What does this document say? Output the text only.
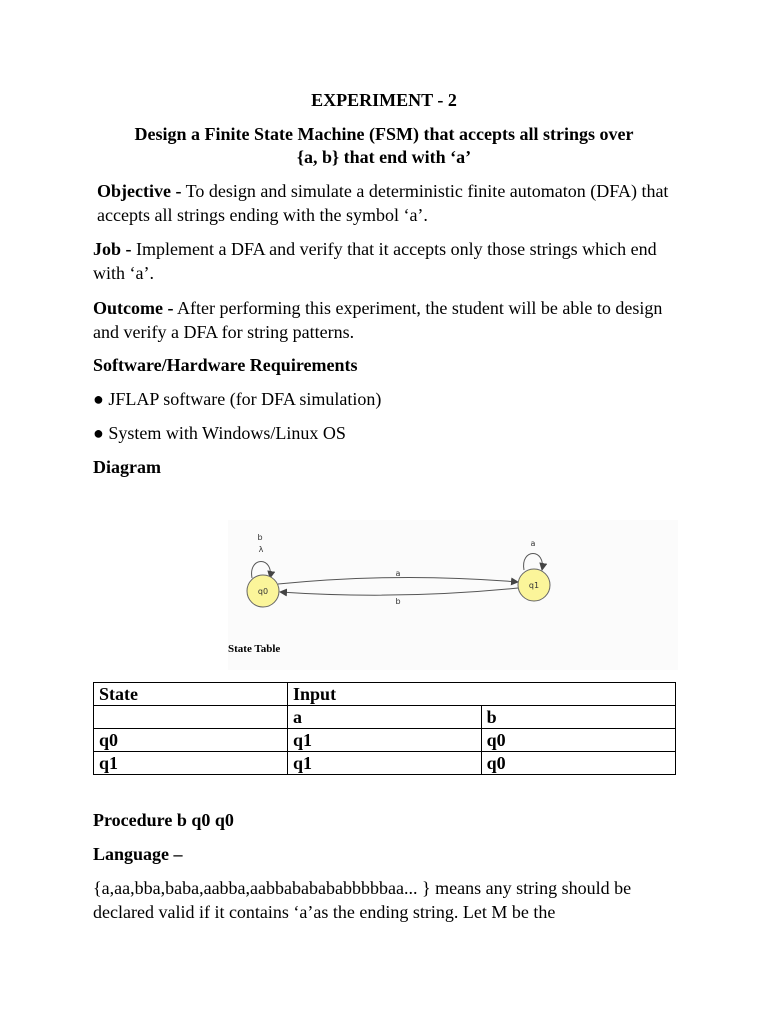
EXPERIMENT - 2
Design a Finite State Machine (FSM) that accepts all strings over
{a, b} that end with ‘a’
Objective - To design and simulate a deterministic finite automaton (DFA) that accepts all strings ending with the symbol ‘a’.
Job - Implement a DFA and verify that it accepts only those strings which end with ‘a’.
Outcome - After performing this experiment, the student will be able to design and verify a DFA for string patterns.
Software/Hardware Requirements
● JFLAP software (for DFA simulation)
● System with Windows/Linux OS
Diagram
b
λ
a
a
b
q0
q1
State Table
State	Input	
	a	b
q0	q1	q0
q1	q1	q0
Procedure b q0 q0
Language –
{a,aa,bba,baba,aabba,aabbababababbbbbaa... } means any string should be declared valid if it contains ‘a’as the ending string. Let M be the
